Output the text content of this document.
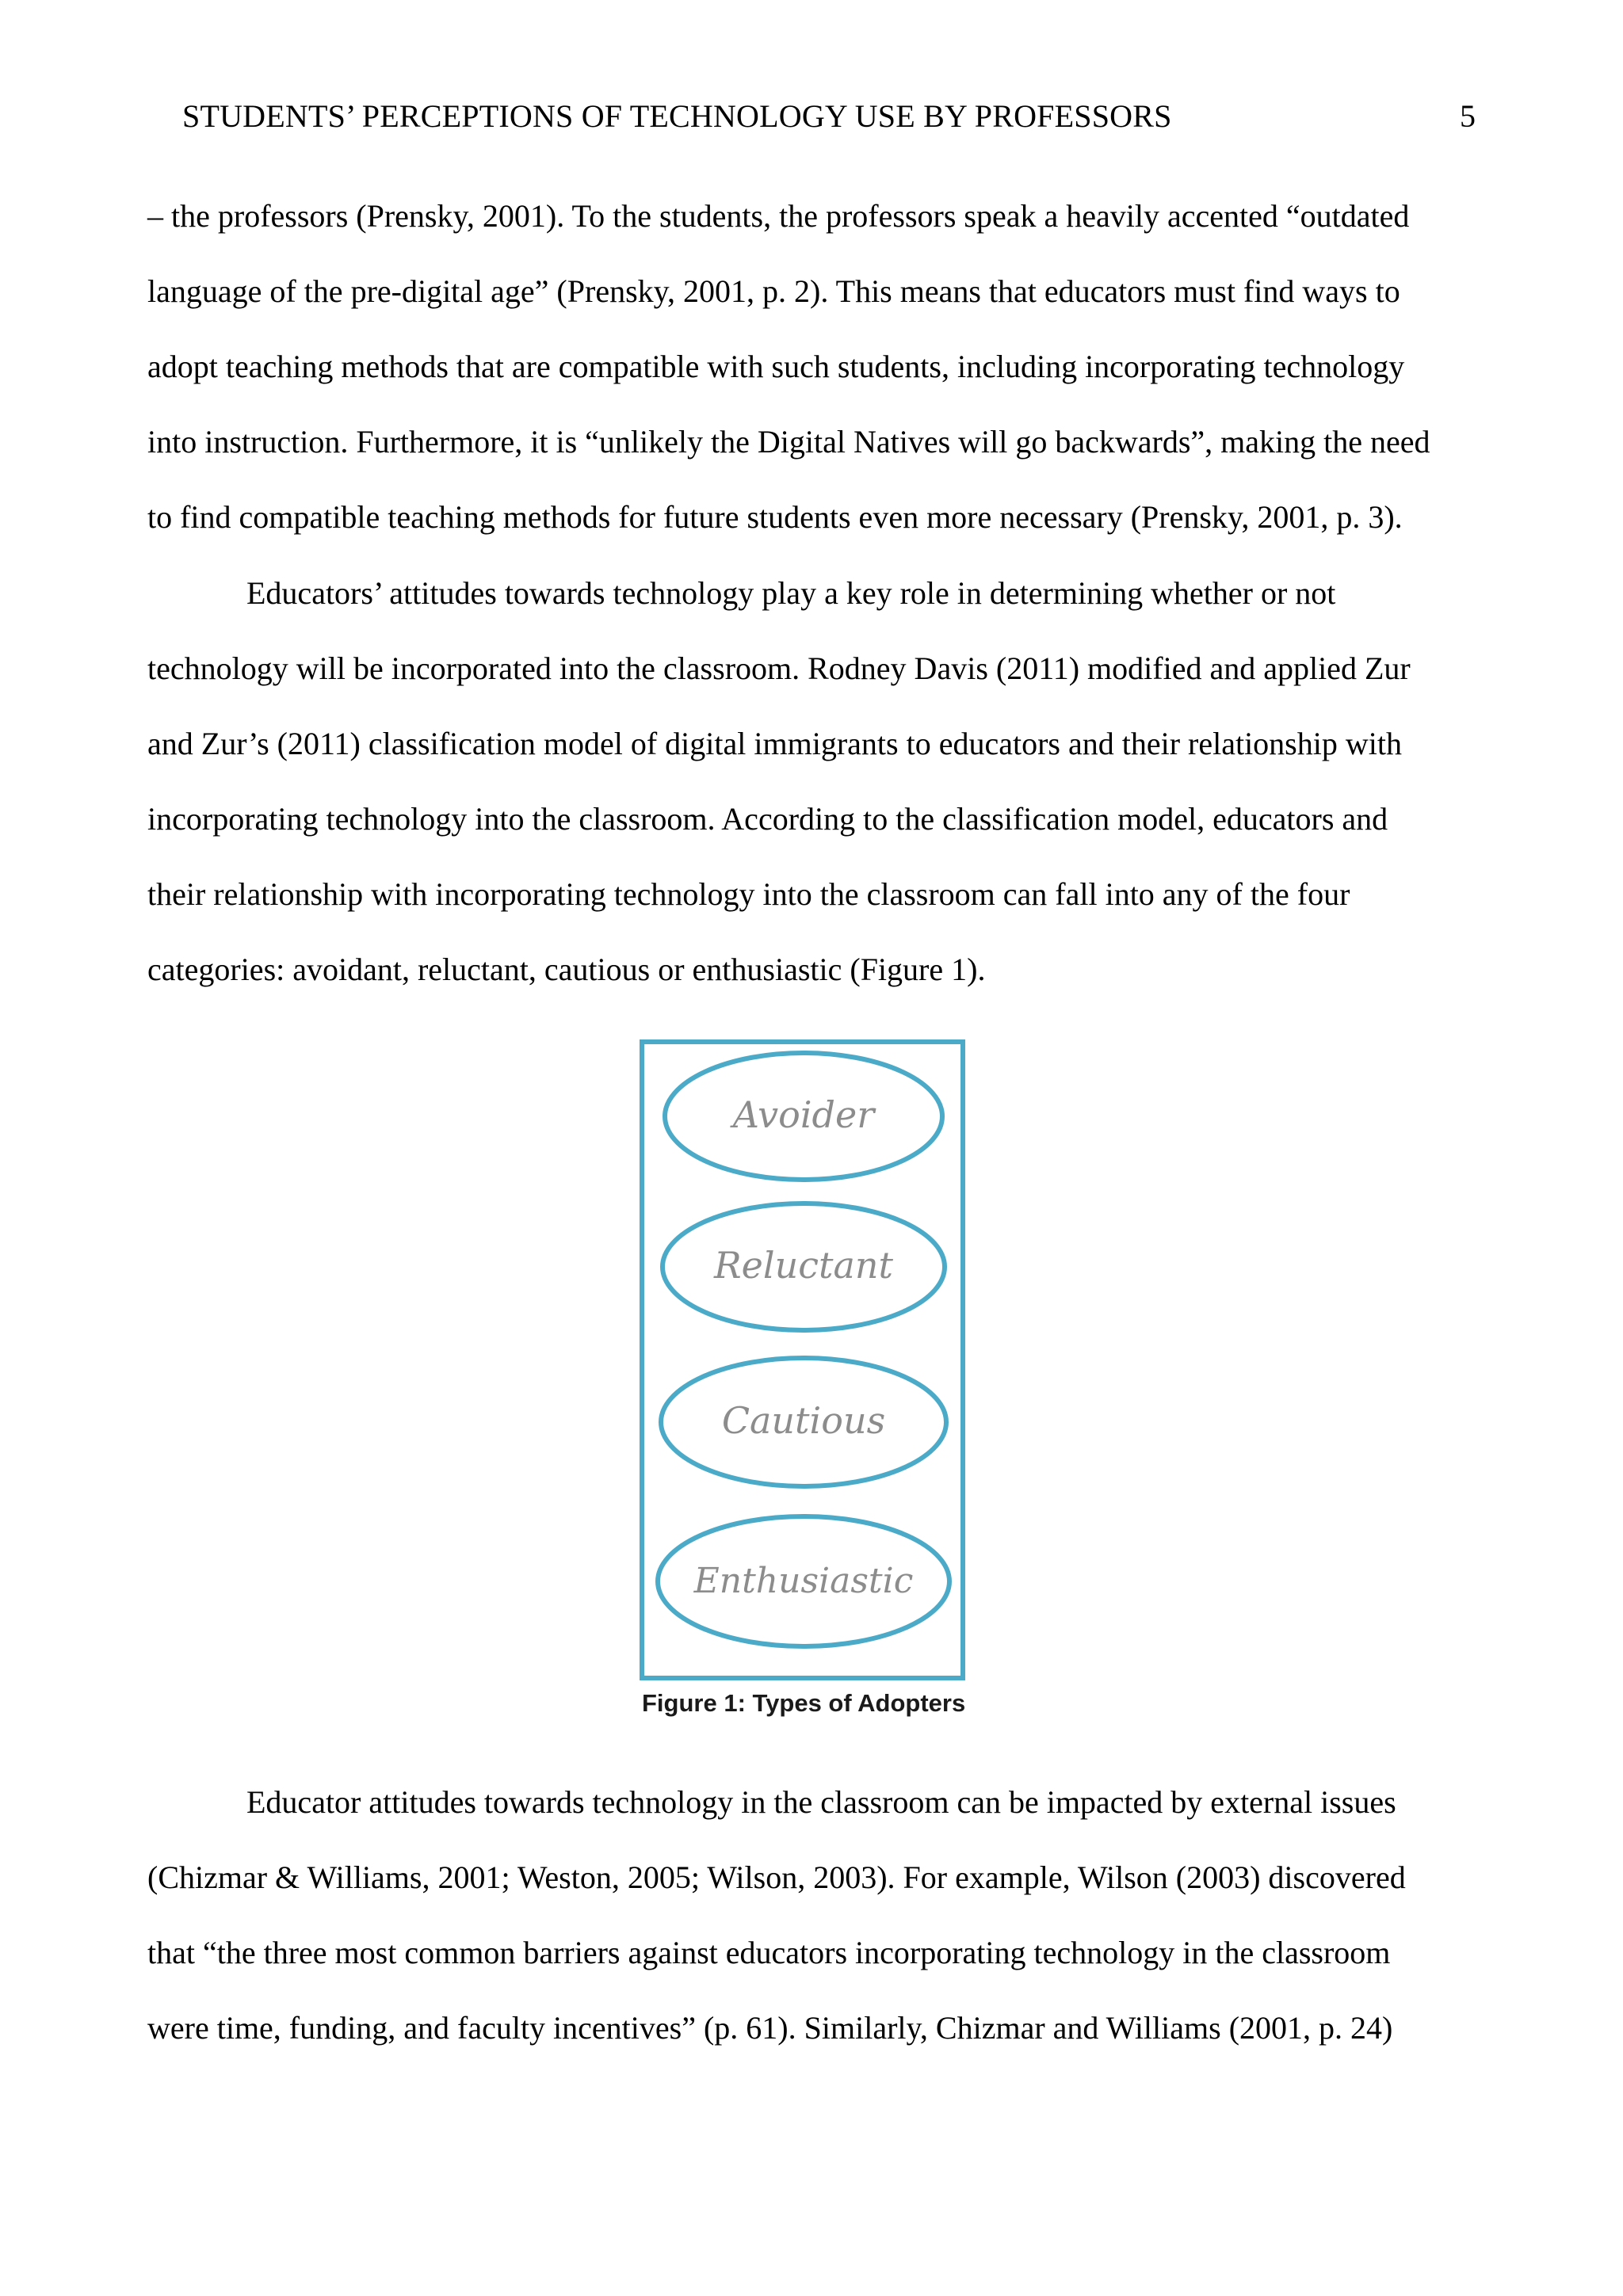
STUDENTS’ PERCEPTIONS OF TECHNOLOGY USE BY PROFESSORS	5
– the professors (Prensky, 2001). To the students, the professors speak a heavily accented “outdated
language of the pre-digital age” (Prensky, 2001, p. 2). This means that educators must find ways to
adopt teaching methods that are compatible with such students, including incorporating technology
into instruction. Furthermore, it is “unlikely the Digital Natives will go backwards”, making the need
to find compatible teaching methods for future students even more necessary (Prensky, 2001, p. 3).
Educators’ attitudes towards technology play a key role in determining whether or not
technology will be incorporated into the classroom. Rodney Davis (2011) modified and applied Zur
and Zur’s (2011) classification model of digital immigrants to educators and their relationship with
incorporating technology into the classroom. According to the classification model, educators and
their relationship with incorporating technology into the classroom can fall into any of the four
categories: avoidant, reluctant, cautious or enthusiastic (Figure 1).
Educator attitudes towards technology in the classroom can be impacted by external issues
(Chizmar & Williams, 2001; Weston, 2005; Wilson, 2003). For example, Wilson (2003) discovered
that “the three most common barriers against educators incorporating technology in the classroom
were time, funding, and faculty incentives” (p. 61). Similarly, Chizmar and Williams (2001, p. 24)
Avoider
Reluctant
Cautious
Enthusiastic
Figure 1: Types of Adopters
